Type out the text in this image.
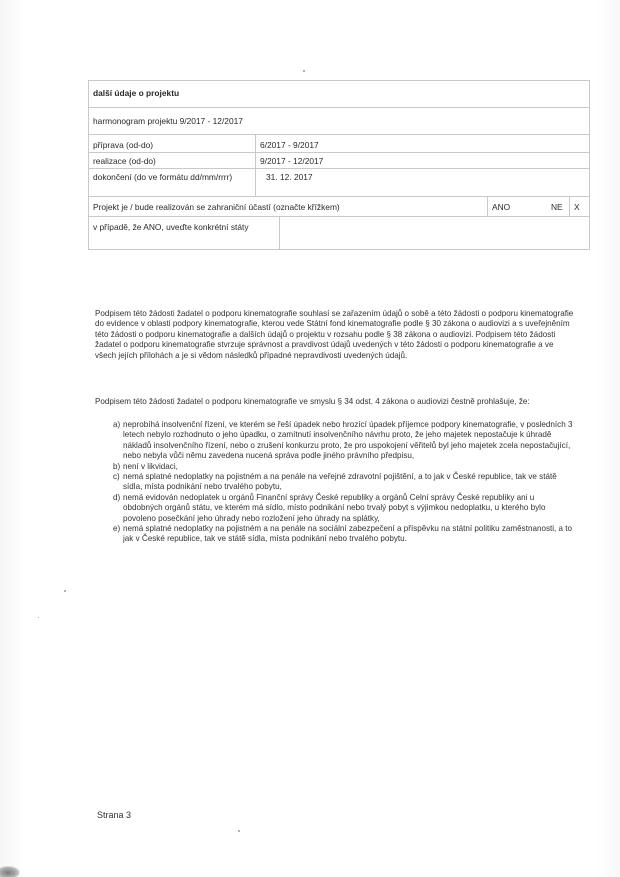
další údaje o projektu
harmonogram projektu 9/2017 - 12/2017
příprava (od-do)	6/2017 - 9/2017
realizace (od-do)	9/2017 - 12/2017
dokončení (do ve formátu dd/mm/rrrr)	31. 12. 2017
Projekt je / bude realizován se zahraniční účastí (označte křížkem)	ANO	NE	X
v případě, že ANO, uveďte konkrétní státy

Podpisem této žádosti žadatel o podporu kinematografie souhlasí se zařazením údajů o sobě a této žádosti o podporu kinematografie do evidence v oblasti podpory kinematografie, kterou vede Státní fond kinematografie podle § 30 zákona o audiovizi a s uveřejněním této žádosti o podporu kinematografie a dalších údajů o projektu v rozsahu podle § 38 zákona o audiovizi. Podpisem této žádosti žadatel o podporu kinematografie stvrzuje správnost a pravdivost údajů uvedených v této žádosti o podporu kinematografie a ve všech jejích přílohách a je si vědom následků případné nepravdivosti uvedených údajů.

Podpisem této žádosti žadatel o podporu kinematografie ve smyslu § 34 odst. 4 zákona o audiovizi čestně prohlašuje, že:

a) neprobíhá insolvenční řízení, ve kterém se řeší úpadek nebo hrozící úpadek příjemce podpory kinematografie, v posledních 3 letech nebylo rozhodnuto o jeho úpadku, o zamítnutí insolvenčního návrhu proto, že jeho majetek nepostačuje k úhradě nákladů insolvenčního řízení, nebo o zrušení konkurzu proto, že pro uspokojení věřitelů byl jeho majetek zcela nepostačující, nebo nebyla vůči němu zavedena nucená správa podle jiného právního předpisu,
b) není v likvidaci,
c) nemá splatné nedoplatky na pojistném a na penále na veřejné zdravotní pojištění, a to jak v České republice, tak ve státě sídla, místa podnikání nebo trvalého pobytu,
d) nemá evidován nedoplatek u orgánů Finanční správy České republiky a orgánů Celní správy České republiky ani u obdobných orgánů státu, ve kterém má sídlo, místo podnikání nebo trvalý pobyt s výjimkou nedoplatku, u kterého bylo povoleno posečkání jeho úhrady nebo rozložení jeho úhrady na splátky,
e) nemá splatné nedoplatky na pojistném a na penále na sociální zabezpečení a příspěvku na státní politiku zaměstnanosti, a to jak v České republice, tak ve státě sídla, místa podnikání nebo trvalého pobytu.
Strana 3
